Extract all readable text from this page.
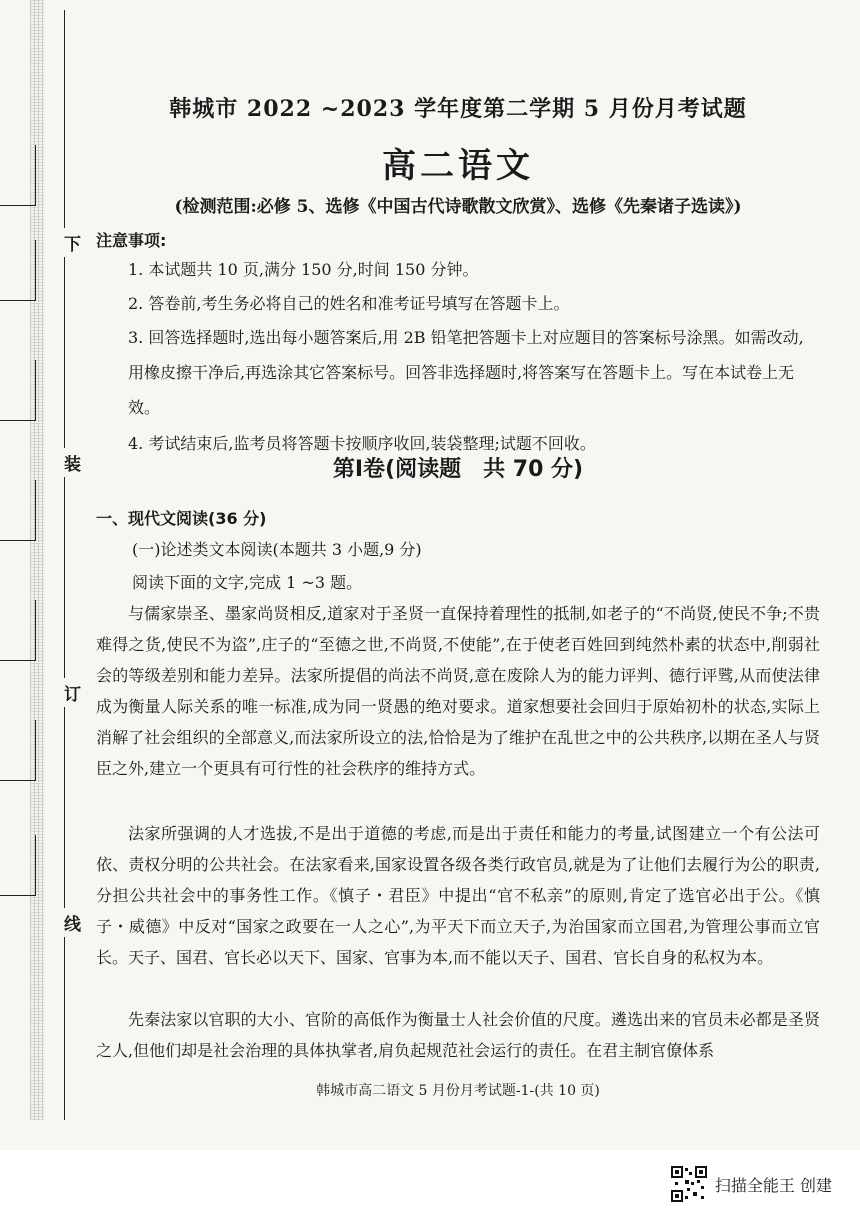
下
装
订
线
韩城市 2022 ~2023 学年度第二学期 5 月份月考试题
高二语文
(检测范围:必修 5、选修《中国古代诗歌散文欣赏》、选修《先秦诸子选读》)
注意事项:
1. 本试题共 10 页,满分 150 分,时间 150 分钟。
2. 答卷前,考生务必将自己的姓名和准考证号填写在答题卡上。
3. 回答选择题时,选出每小题答案后,用 2B 铅笔把答题卡上对应题目的答案标号涂黑。如需改动,用橡皮擦干净后,再选涂其它答案标号。回答非选择题时,将答案写在答题卡上。写在本试卷上无效。
4. 考试结束后,监考员将答题卡按顺序收回,装袋整理;试题不回收。
第Ⅰ卷(阅读题　共 70 分)
一、现代文阅读(36 分)
(一)论述类文本阅读(本题共 3 小题,9 分)
阅读下面的文字,完成 1 ~3 题。
与儒家崇圣、墨家尚贤相反,道家对于圣贤一直保持着理性的抵制,如老子的“不尚贤,使民不争;不贵难得之货,使民不为盗”,庄子的“至德之世,不尚贤,不使能”,在于使老百姓回到纯然朴素的状态中,削弱社会的等级差别和能力差异。法家所提倡的尚法不尚贤,意在废除人为的能力评判、德行评骘,从而使法律成为衡量人际关系的唯一标准,成为同一贤愚的绝对要求。道家想要社会回归于原始初朴的状态,实际上消解了社会组织的全部意义,而法家所设立的法,恰恰是为了维护在乱世之中的公共秩序,以期在圣人与贤臣之外,建立一个更具有可行性的社会秩序的维持方式。
法家所强调的人才选拔,不是出于道德的考虑,而是出于责任和能力的考量,试图建立一个有公法可依、责权分明的公共社会。在法家看来,国家设置各级各类行政官员,就是为了让他们去履行为公的职责,分担公共社会中的事务性工作。《慎子・君臣》中提出“官不私亲”的原则,肯定了选官必出于公。《慎子・威德》中反对“国家之政要在一人之心”,为平天下而立天子,为治国家而立国君,为管理公事而立官长。天子、国君、官长必以天下、国家、官事为本,而不能以天子、国君、官长自身的私权为本。
先秦法家以官职的大小、官阶的高低作为衡量士人社会价值的尺度。遴选出来的官员未必都是圣贤之人,但他们却是社会治理的具体执掌者,肩负起规范社会运行的责任。在君主制官僚体系
韩城市高二语文 5 月份月考试题-1-(共 10 页)
扫描全能王 创建
